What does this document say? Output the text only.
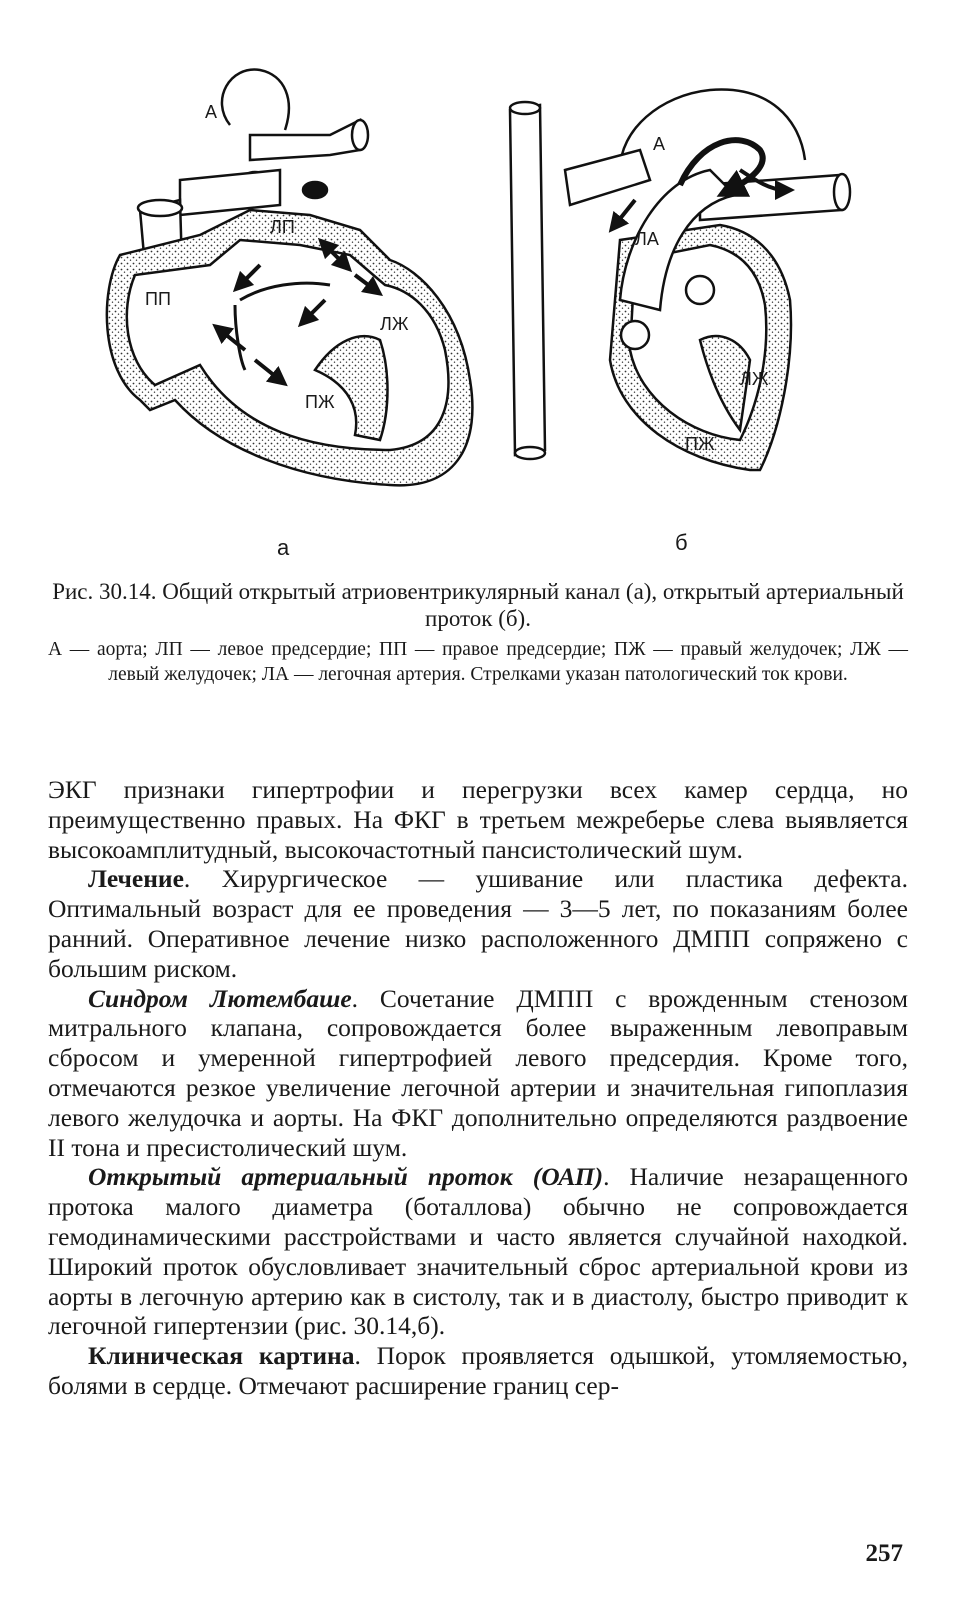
А
ЛП
ПП
ЛЖ
ПЖ
А
ЛА
ЛЖ
ПЖ
а	б
Рис. 30.14. Общий открытый атриовентрикулярный канал (а), открытый артериальный проток (б).
А — аорта; ЛП — левое предсердие; ПП — правое предсердие; ПЖ — правый желудочек; ЛЖ — левый желудочек; ЛА — легочная артерия. Стрелками указан патологический ток крови.

ЭКГ признаки гипертрофии и перегрузки всех камер сердца, но преимущественно правых. На ФКГ в третьем межреберье слева выявляется высокоамплитудный, высокочастотный пансистолический шум.

Лечение. Хирургическое — ушивание или пластика дефекта. Оптимальный возраст для ее проведения — 3—5 лет, по показаниям более ранний. Оперативное лечение низко расположенного ДМПП сопряжено с большим риском.

Синдром Лютембаше. Сочетание ДМПП с врожденным стенозом митрального клапана, сопровождается более выраженным левоправым сбросом и умеренной гипертрофией левого предсердия. Кроме того, отмечаются резкое увеличение легочной артерии и значительная гипоплазия левого желудочка и аорты. На ФКГ дополнительно определяются раздвоение II тона и пресистолический шум.

Открытый артериальный проток (ОАП). Наличие незаращенного протока малого диаметра (боталлова) обычно не сопровождается гемодинамическими расстройствами и часто является случайной находкой. Широкий проток обусловливает значительный сброс артериальной крови из аорты в легочную артерию как в систолу, так и в диастолу, быстро приводит к легочной гипертензии (рис. 30.14,б).

Клиническая картина. Порок проявляется одышкой, утомляемостью, болями в сердце. Отмечают расширение границ сер-

257
